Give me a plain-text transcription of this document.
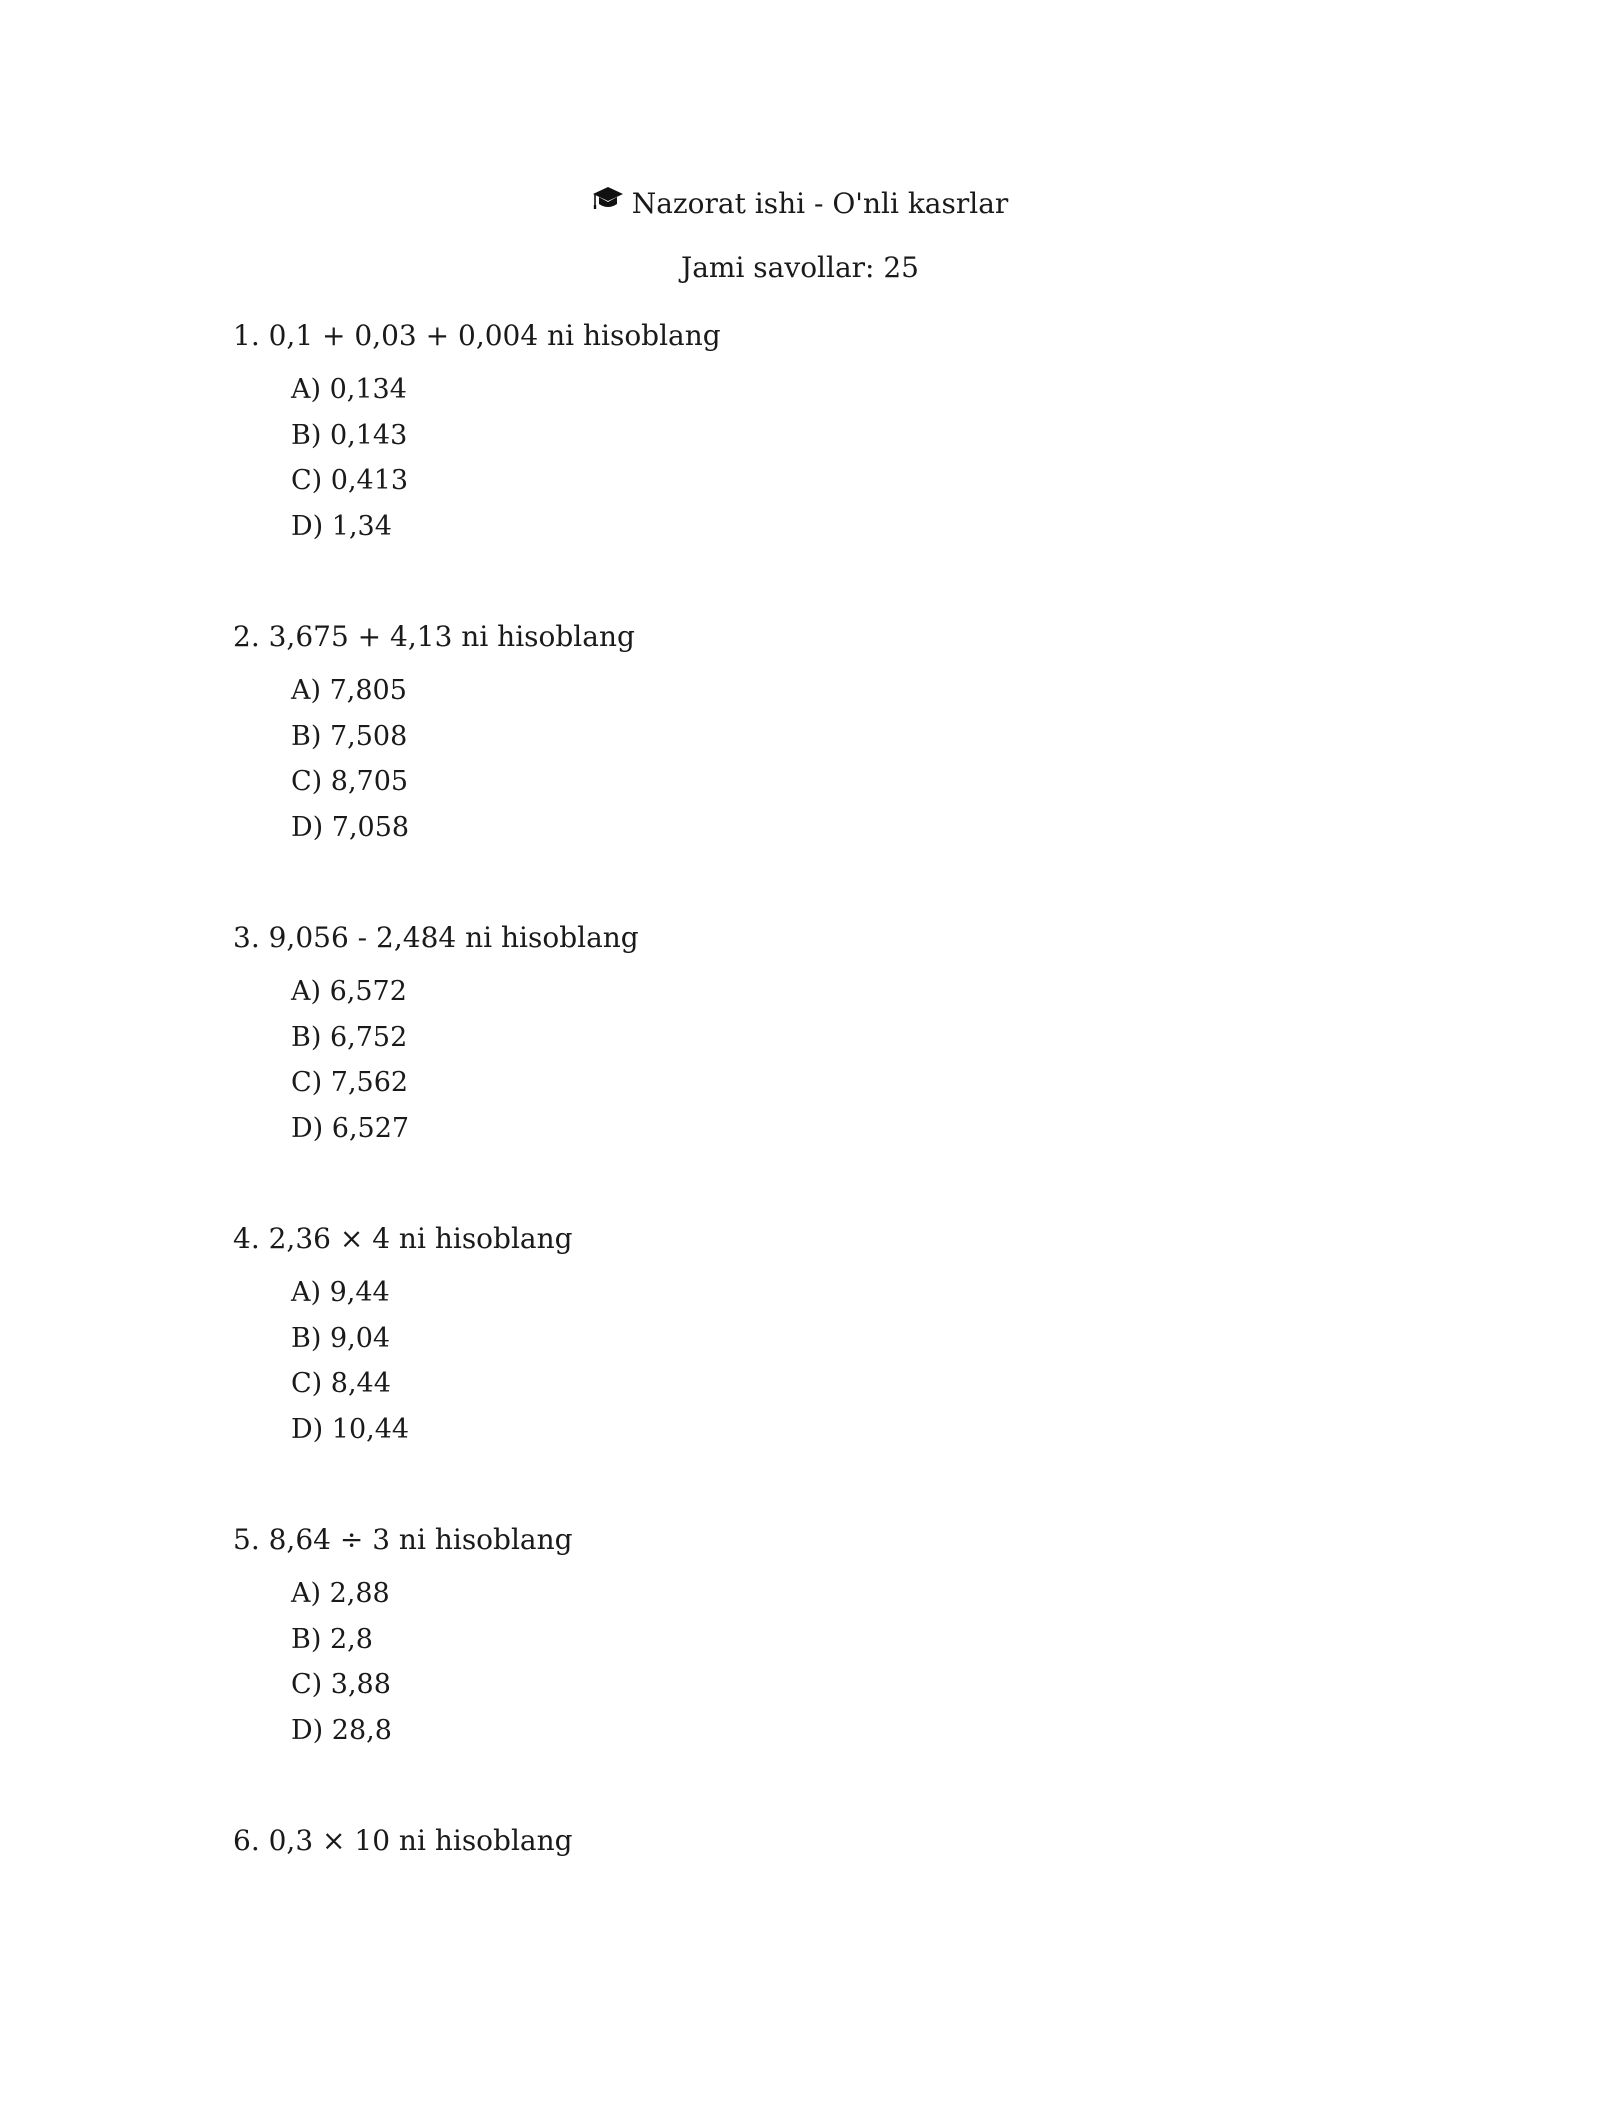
Nazorat ishi - O'nli kasrlar
Jami savollar: 25
1. 0,1 + 0,03 + 0,004 ni hisoblang
A) 0,134
B) 0,143
C) 0,413
D) 1,34
2. 3,675 + 4,13 ni hisoblang
A) 7,805
B) 7,508
C) 8,705
D) 7,058
3. 9,056 - 2,484 ni hisoblang
A) 6,572
B) 6,752
C) 7,562
D) 6,527
4. 2,36 × 4 ni hisoblang
A) 9,44
B) 9,04
C) 8,44
D) 10,44
5. 8,64 ÷ 3 ni hisoblang
A) 2,88
B) 2,8
C) 3,88
D) 28,8
6. 0,3 × 10 ni hisoblang
